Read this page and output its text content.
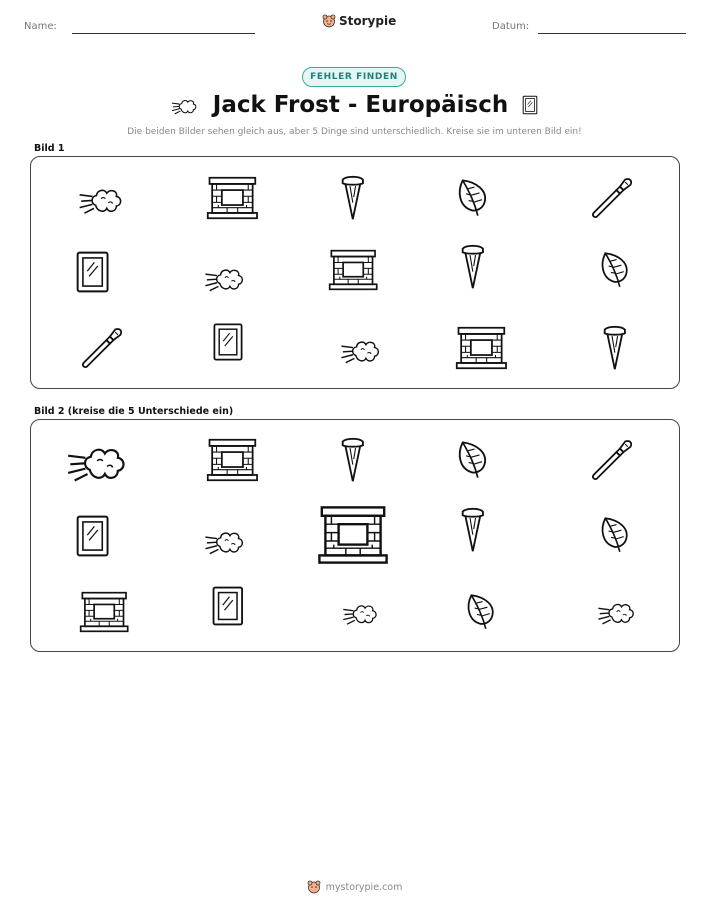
Name:	Storypie	Datum:
FEHLER FINDEN
Jack Frost - Europäisch
Die beiden Bilder sehen gleich aus, aber 5 Dinge sind unterschiedlich. Kreise sie im unteren Bild ein!
Bild 1
Bild 2 (kreise die 5 Unterschiede ein)
mystorypie.com
